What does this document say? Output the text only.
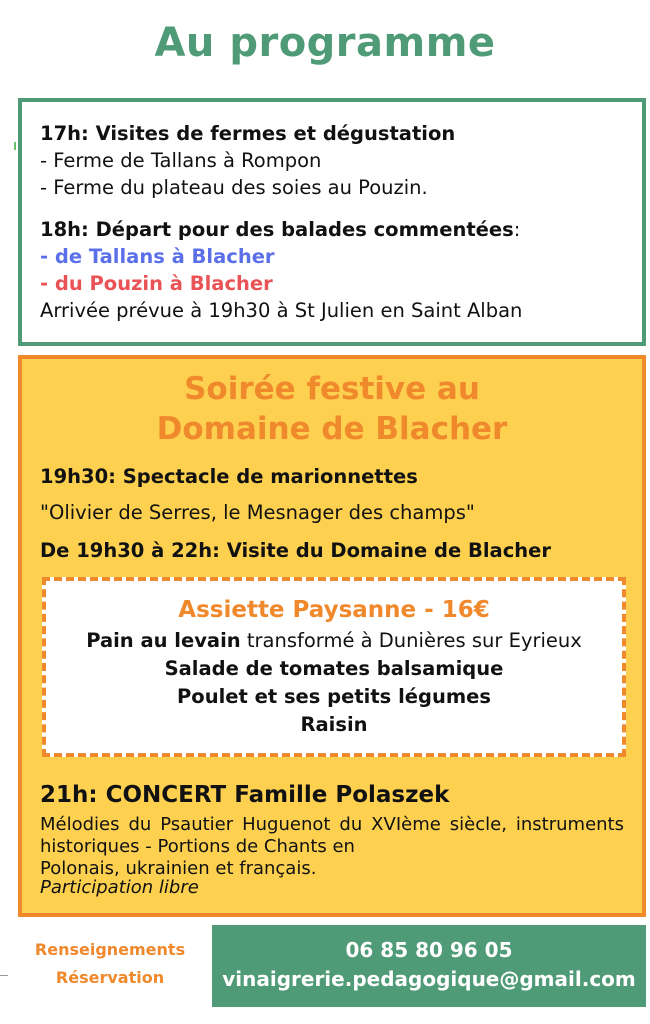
Au programme
17h: Visites de fermes et dégustation
- Ferme de Tallans à Rompon
- Ferme du plateau des soies au Pouzin.
18h: Départ pour des balades commentées:
- de Tallans à Blacher
- du Pouzin à Blacher
Arrivée prévue à 19h30 à St Julien en Saint Alban
Soirée festive au
Domaine de Blacher
19h30: Spectacle de marionnettes
"Olivier de Serres, le Mesnager des champs"
De 19h30 à 22h: Visite du Domaine de Blacher
Assiette Paysanne - 16€
Pain au levain transformé à Dunières sur Eyrieux
Salade de tomates balsamique
Poulet et ses petits légumes
Raisin
21h: CONCERT Famille Polaszek
Mélodies du Psautier Huguenot du XVIème siècle, instruments historiques - Portions de Chants en
Polonais, ukrainien et français.
Participation libre
Renseignements
Réservation
06 85 80 96 05
vinaigrerie.pedagogique@gmail.com
